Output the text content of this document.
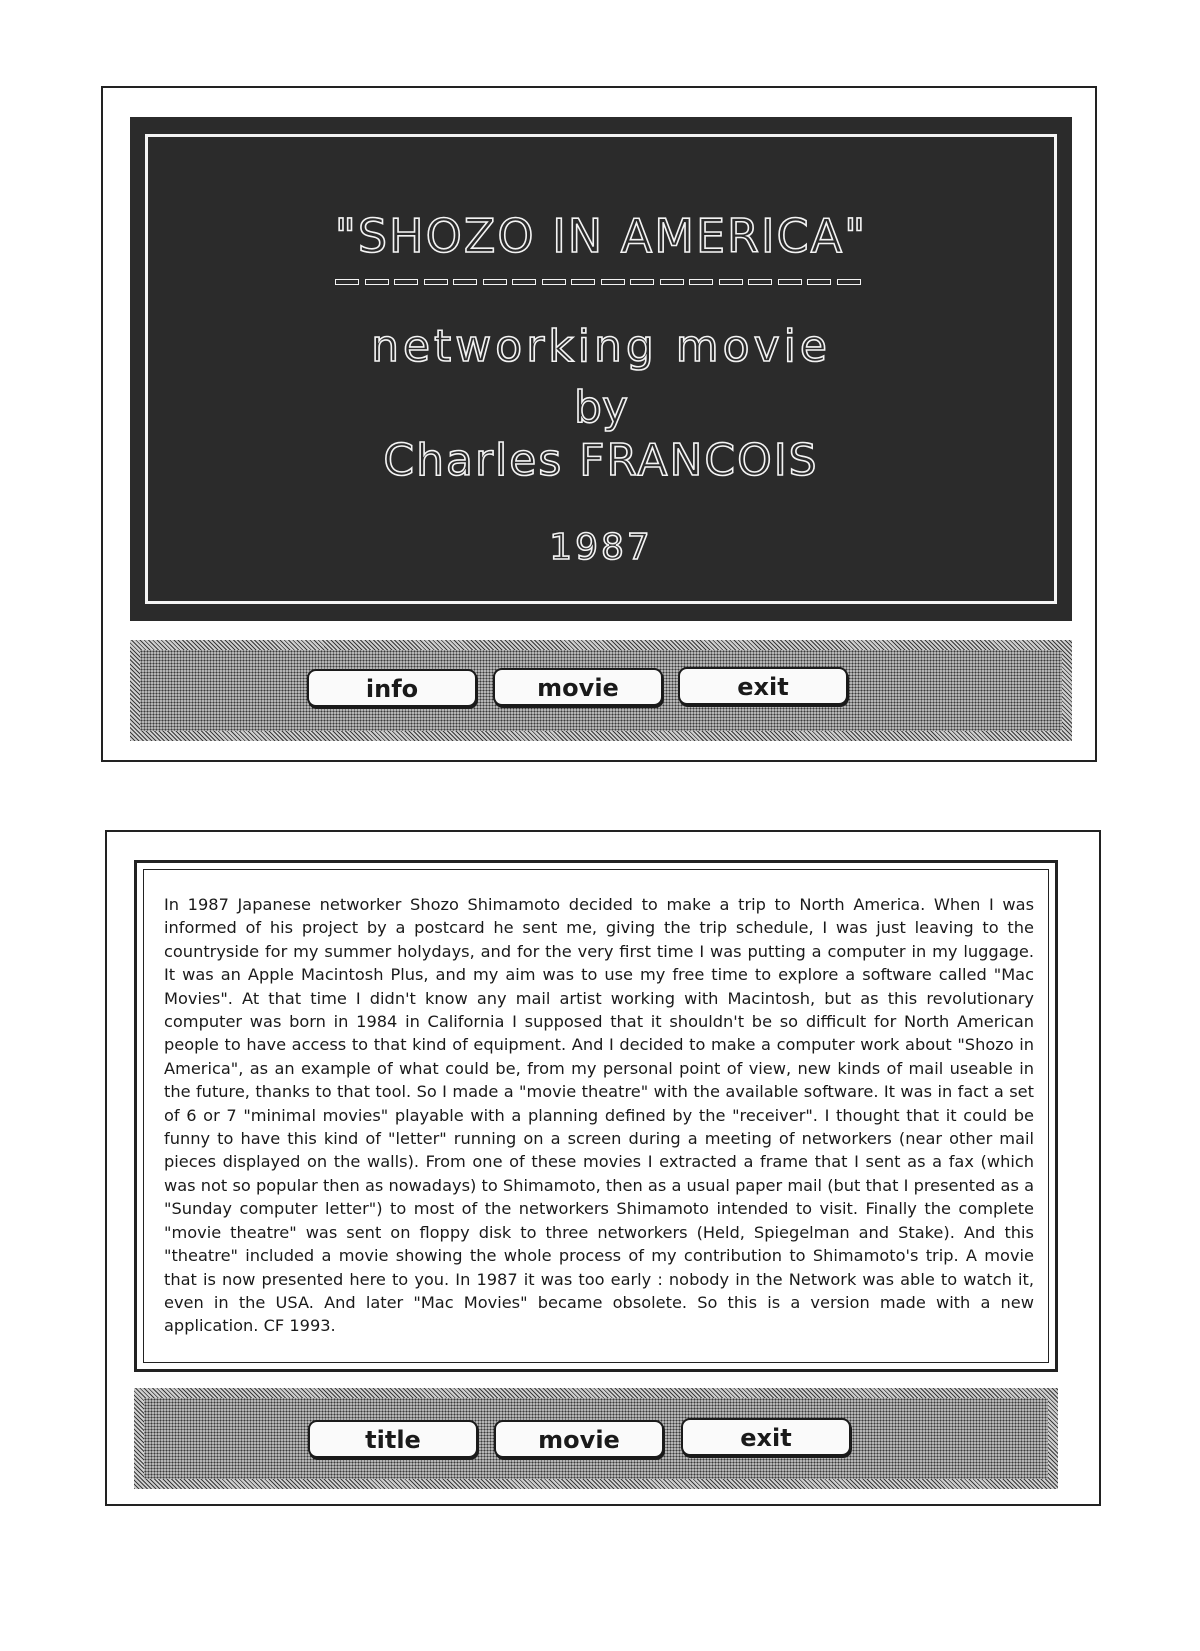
"SHOZO IN AMERICA"
networking movie
by
Charles FRANCOIS
1987
info	movie	exit

In 1987 Japanese networker Shozo Shimamoto decided to make a trip to North America. When I was informed of his project by a postcard he sent me, giving the trip schedule, I was just leaving to the countryside for my summer holydays, and for the very first time I was putting a computer in my luggage. It was an Apple Macintosh Plus, and my aim was to use my free time to explore a software called "Mac Movies". At that time I didn't know any mail artist working with Macintosh, but as this revolutionary computer was born in 1984 in California I supposed that it shouldn't be so difficult for North American people to have access to that kind of equipment. And I decided to make a computer work about "Shozo in America", as an example of what could be, from my personal point of view, new kinds of mail useable in the future, thanks to that tool. So I made a "movie theatre" with the available software. It was in fact a set of 6 or 7 "minimal movies" playable with a planning defined by the "receiver". I thought that it could be funny to have this kind of "letter" running on a screen during a meeting of networkers (near other mail pieces displayed on the walls). From one of these movies I extracted a frame that I sent as a fax (which was not so popular then as nowadays) to Shimamoto, then as a usual paper mail (but that I presented as a "Sunday computer letter") to most of the networkers Shimamoto intended to visit. Finally the complete "movie theatre" was sent on floppy disk to three networkers (Held, Spiegelman and Stake). And this "theatre" included a movie showing the whole process of my contribution to Shimamoto's trip. A movie that is now presented here to you. In 1987 it was too early : nobody in the Network was able to watch it, even in the USA. And later "Mac Movies" became obsolete. So this is a version made with a new application. CF 1993.

title	movie	exit
